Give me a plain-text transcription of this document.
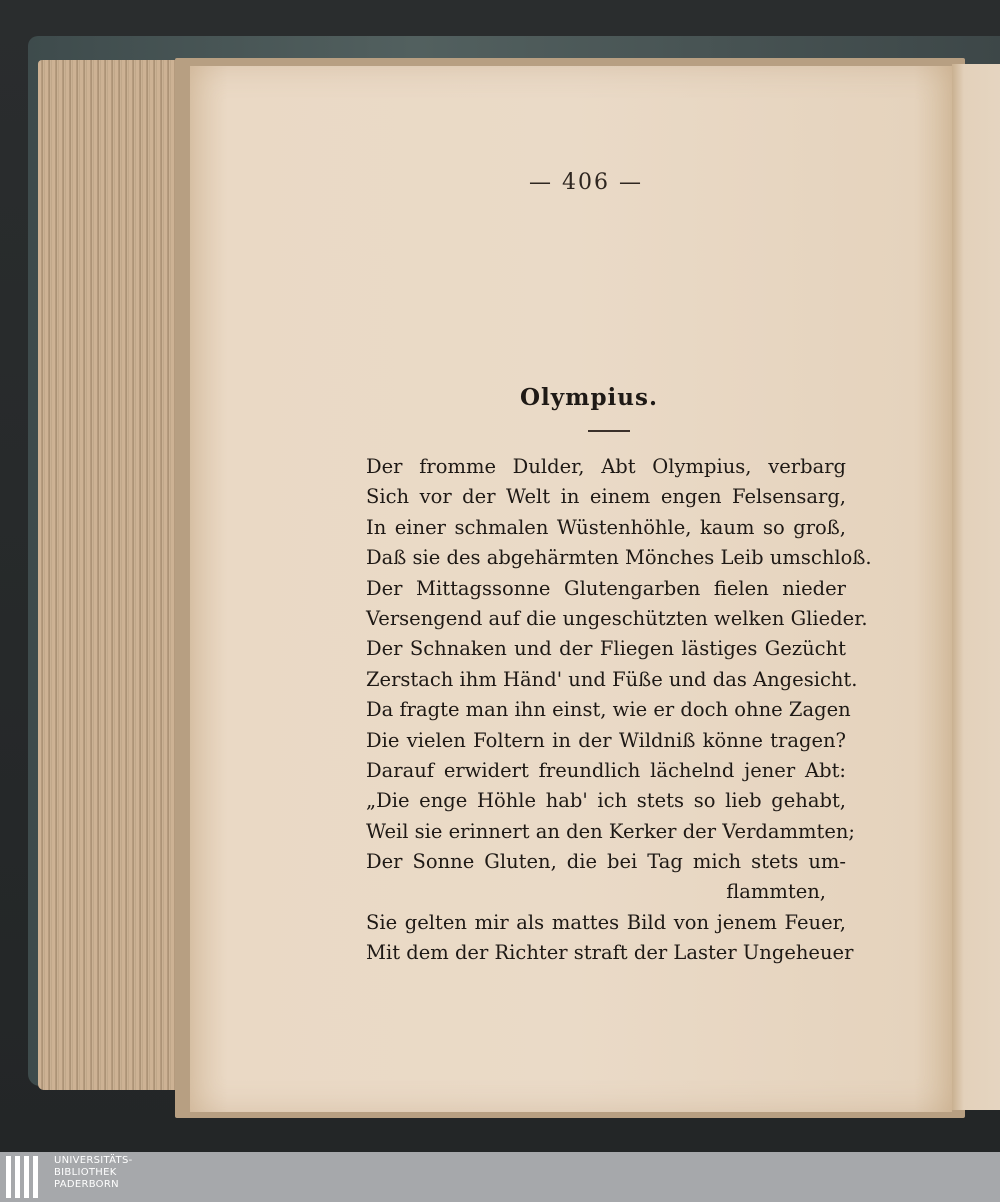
— 406 —
Olympius.
Der fromme Dulder, Abt Olympius, verbarg
Sich vor der Welt in einem engen Felsensarg,
In einer schmalen Wüstenhöhle, kaum so groß,
Daß sie des abgehärmten Mönches Leib umschloß.
Der Mittagssonne Glutengarben fielen nieder
Versengend auf die ungeschützten welken Glieder.
Der Schnaken und der Fliegen lästiges Gezücht
Zerstach ihm Händ' und Füße und das Angesicht.
Da fragte man ihn einst, wie er doch ohne Zagen
Die vielen Foltern in der Wildniß könne tragen?
Darauf erwidert freundlich lächelnd jener Abt:
„Die enge Höhle hab' ich stets so lieb gehabt,
Weil sie erinnert an den Kerker der Verdammten;
Der Sonne Gluten, die bei Tag mich stets um-
flammten,
Sie gelten mir als mattes Bild von jenem Feuer,
Mit dem der Richter straft der Laster Ungeheuer
UNIVERSITÄTS-
BIBLIOTHEK
PADERBORN
